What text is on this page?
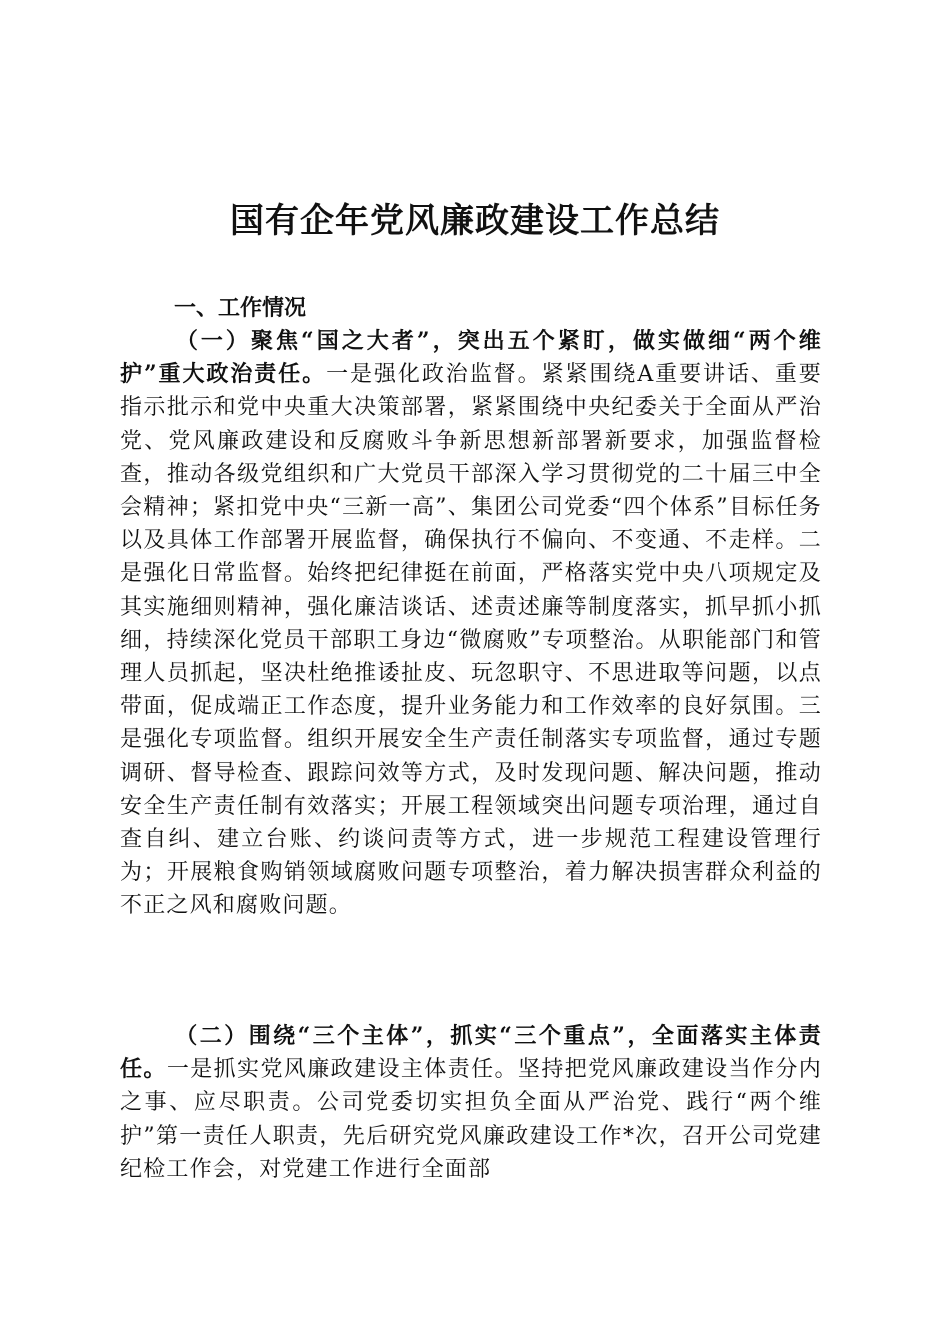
国有企年党风廉政建设工作总结
一、工作情况

（一）聚焦“国之大者”，突出五个紧盯，做实做细“两个维护”重大政治责任。一是强化政治监督。紧紧围绕A重要讲话、重要指示批示和党中央重大决策部署，紧紧围绕中央纪委关于全面从严治党、党风廉政建设和反腐败斗争新思想新部署新要求，加强监督检查，推动各级党组织和广大党员干部深入学习贯彻党的二十届三中全会精神；紧扣党中央“三新一高”、集团公司党委“四个体系”目标任务以及具体工作部署开展监督，确保执行不偏向、不变通、不走样。二是强化日常监督。始终把纪律挺在前面，严格落实党中央八项规定及其实施细则精神，强化廉洁谈话、述责述廉等制度落实，抓早抓小抓细，持续深化党员干部职工身边“微腐败”专项整治。从职能部门和管理人员抓起，坚决杜绝推诿扯皮、玩忽职守、不思进取等问题，以点带面，促成端正工作态度，提升业务能力和工作效率的良好氛围。三是强化专项监督。组织开展安全生产责任制落实专项监督，通过专题调研、督导检查、跟踪问效等方式，及时发现问题、解决问题，推动安全生产责任制有效落实；开展工程领域突出问题专项治理，通过自查自纠、建立台账、约谈问责等方式，进一步规范工程建设管理行为；开展粮食购销领域腐败问题专项整治，着力解决损害群众利益的不正之风和腐败问题。

（二）围绕“三个主体”，抓实“三个重点”，全面落实主体责任。一是抓实党风廉政建设主体责任。坚持把党风廉政建设当作分内之事、应尽职责。公司党委切实担负全面从严治党、践行“两个维护”第一责任人职责，先后研究党风廉政建设工作*次，召开公司党建纪检工作会，对党建工作进行全面部
